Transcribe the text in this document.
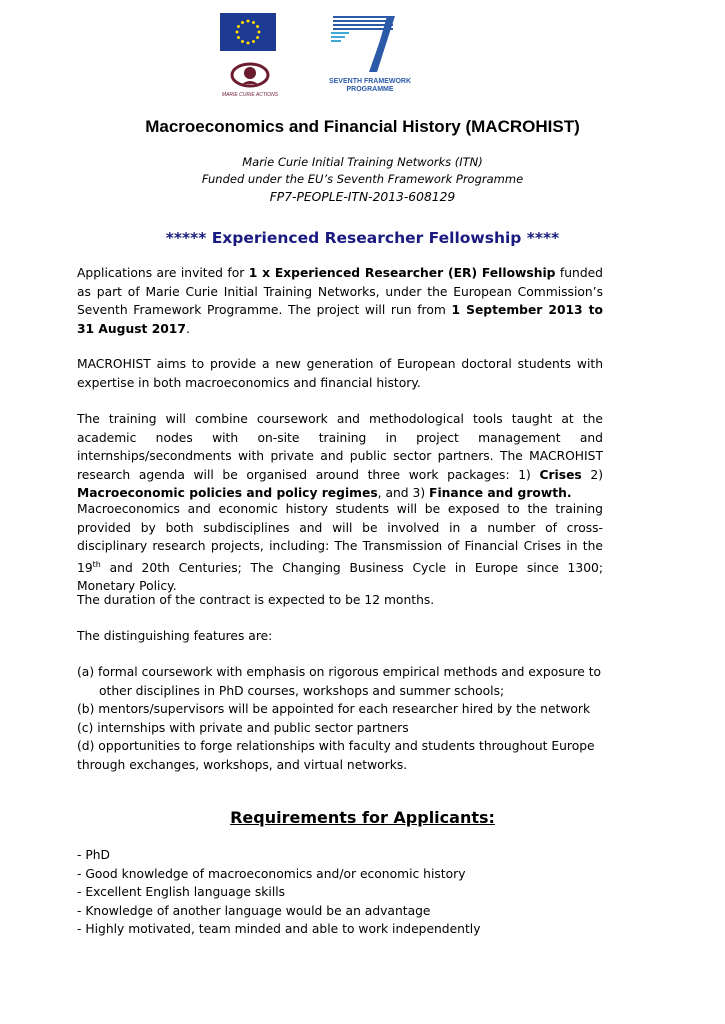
MARIE CURIE ACTIONS
SEVENTH FRAMEWORK
PROGRAMME
Macroeconomics and Financial History (MACROHIST)
Marie Curie Initial Training Networks (ITN)
Funded under the EU’s Seventh Framework Programme
FP7-PEOPLE-ITN-2013-608129
***** Experienced Researcher Fellowship ****
Applications are invited for 1 x Experienced Researcher (ER) Fellowship funded as part of Marie Curie Initial Training Networks, under the European Commission’s Seventh Framework Programme. The project will run from 1 September 2013 to 31 August 2017.
MACROHIST aims to provide a new generation of European doctoral students with expertise in both macroeconomics and financial history.
The training will combine coursework and methodological tools taught at the academic nodes with on-site training in project management and internships/secondments with private and public sector partners. The MACROHIST research agenda will be organised around three work packages: 1) Crises 2) Macroeconomic policies and policy regimes, and 3) Finance and growth.
Macroeconomics and economic history students will be exposed to the training provided by both subdisciplines and will be involved in a number of cross-disciplinary research projects, including: The Transmission of Financial Crises in the 19th and 20th Centuries; The Changing Business Cycle in Europe since 1300; Monetary Policy.
The duration of the contract is expected to be 12 months.
The distinguishing features are:
(a) formal coursework with emphasis on rigorous empirical methods and exposure to
other disciplines in PhD courses, workshops and summer schools;
(b) mentors/supervisors will be appointed for each researcher hired by the network
(c) internships with private and public sector partners
(d) opportunities to forge relationships with faculty and students throughout Europe
through exchanges, workshops, and virtual networks.
Requirements for Applicants:
- PhD
- Good knowledge of macroeconomics and/or economic history
- Excellent English language skills
- Knowledge of another language would be an advantage
- Highly motivated, team minded and able to work independently
